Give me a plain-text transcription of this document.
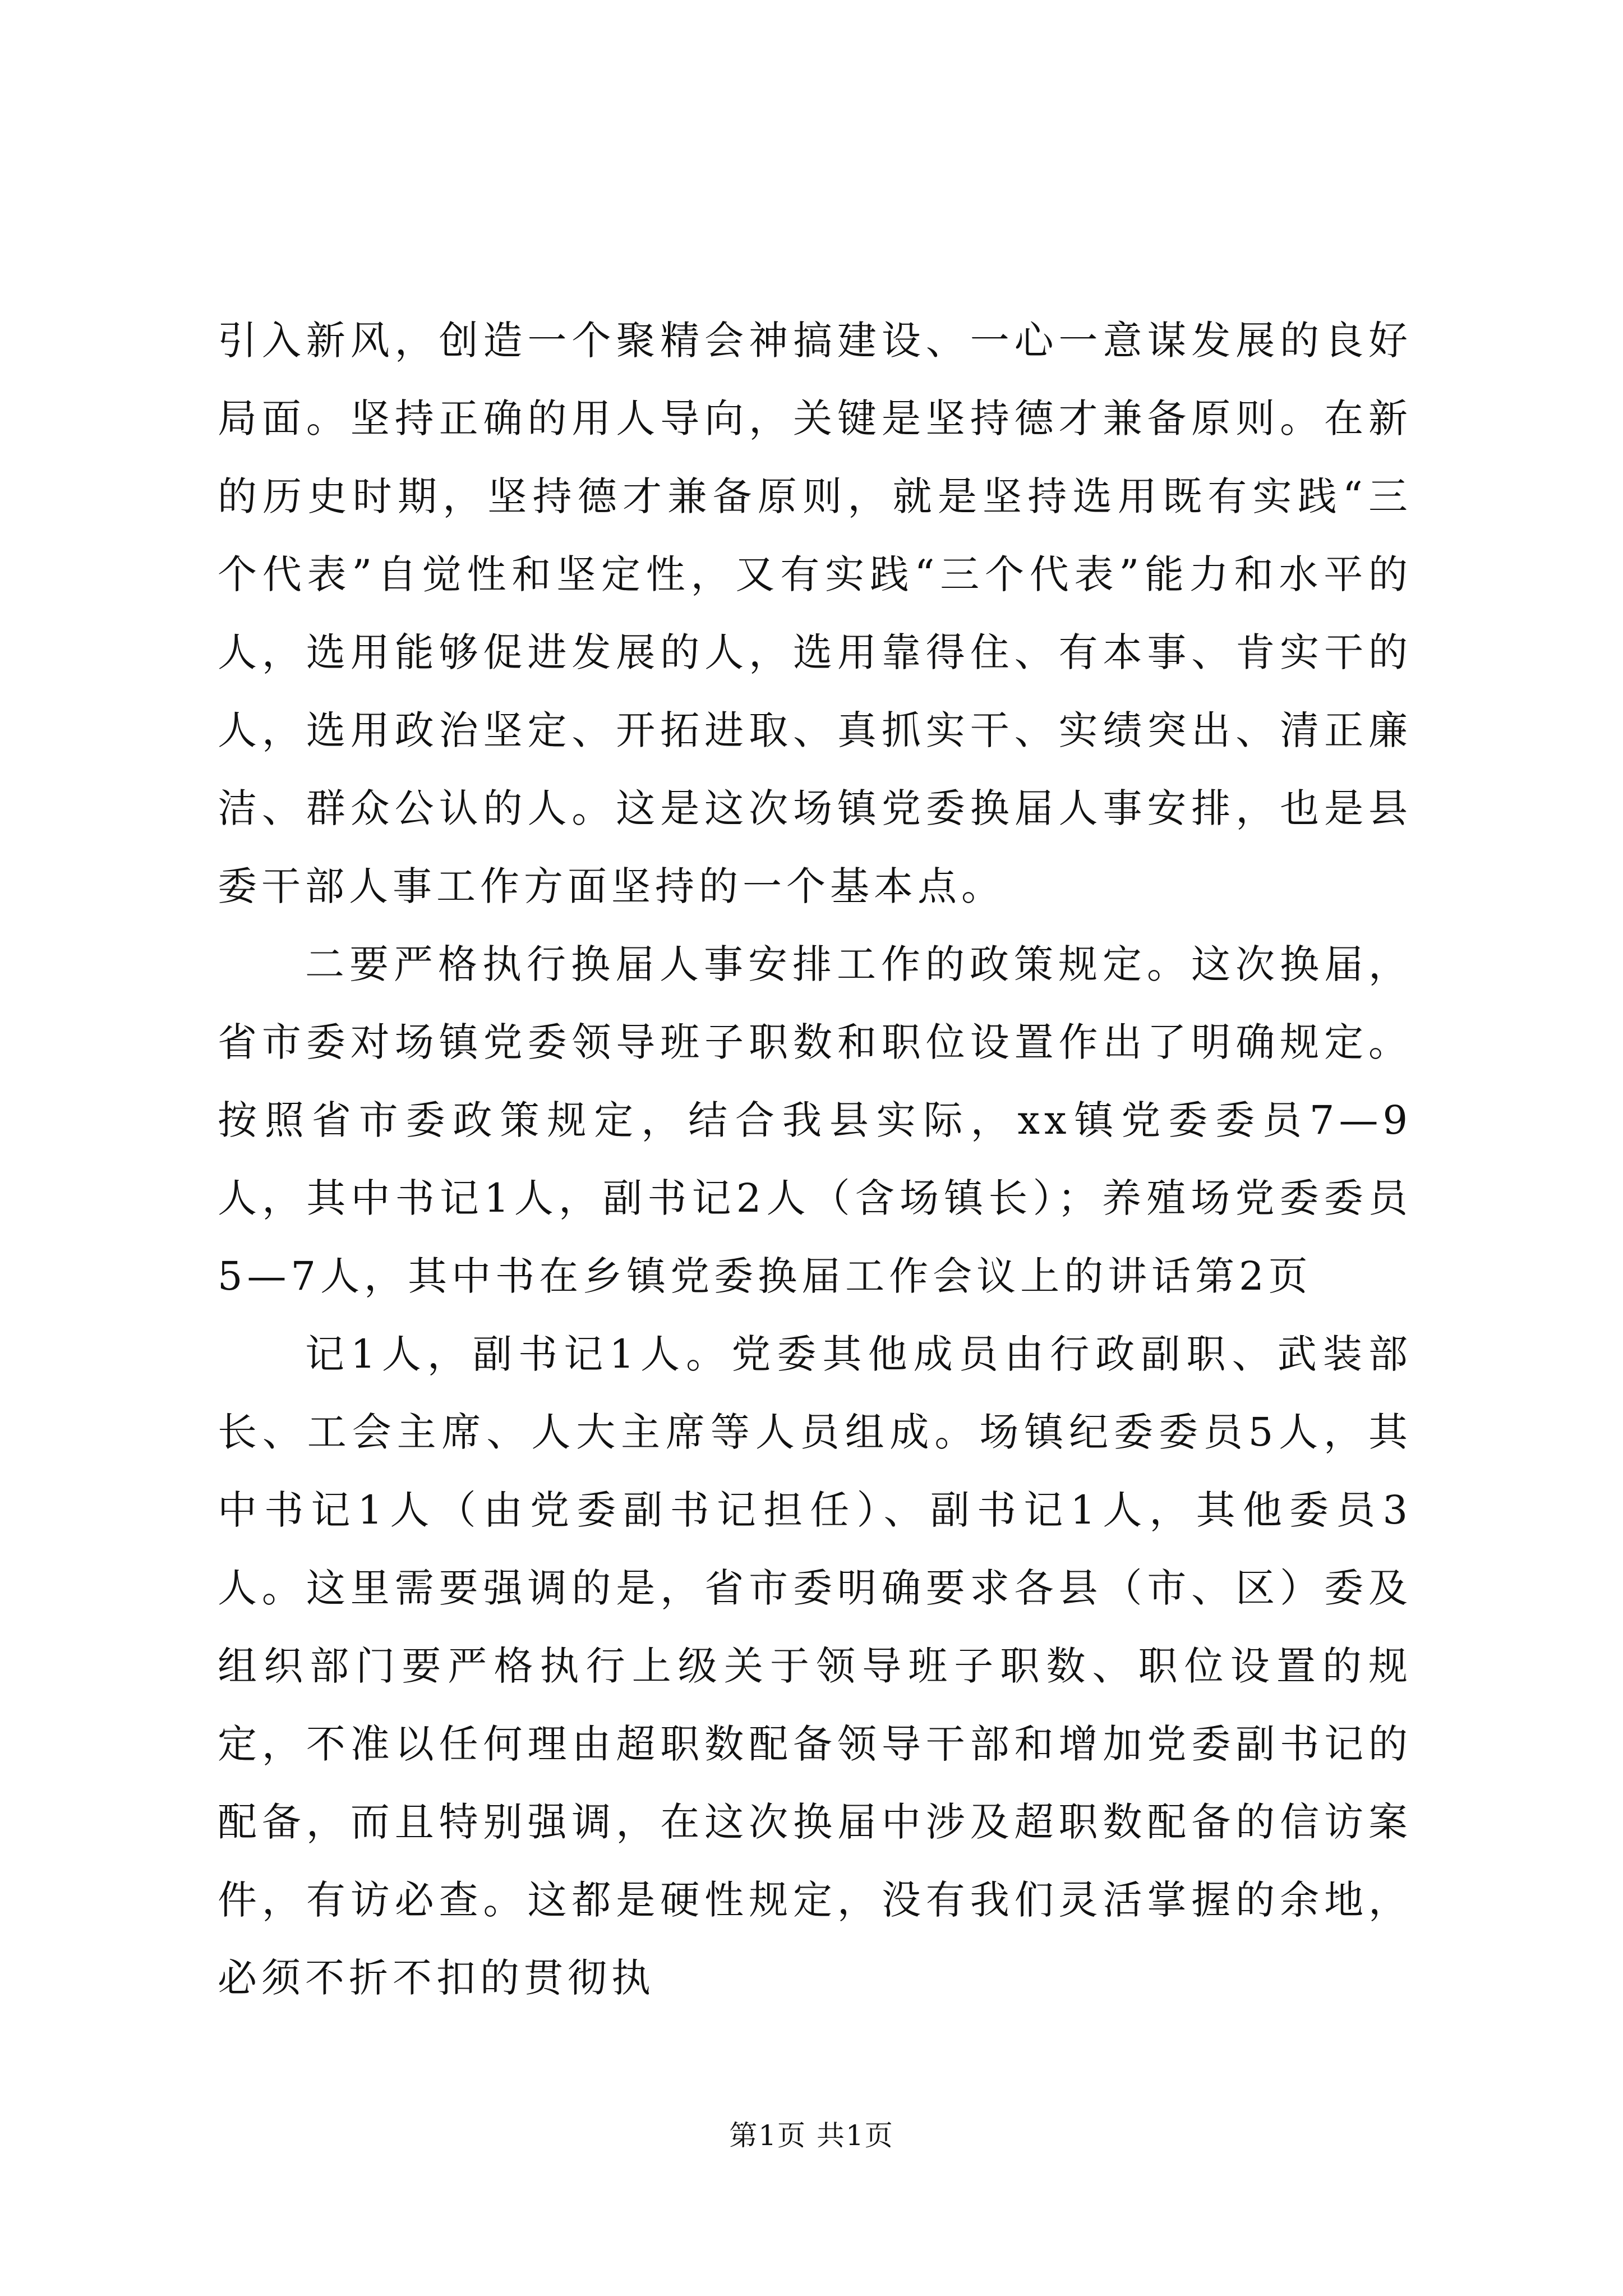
引入新风，创造一个聚精会神搞建设、一心一意谋发展的良好局面。坚持正确的用人导向，关键是坚持德才兼备原则。在新的历史时期，坚持德才兼备原则，就是坚持选用既有实践“三个代表”自觉性和坚定性，又有实践“三个代表”能力和水平的人，选用能够促进发展的人，选用靠得住、有本事、肯实干的人，选用政治坚定、开拓进取、真抓实干、实绩突出、清正廉洁、群众公认的人。这是这次场镇党委换届人事安排，也是县委干部人事工作方面坚持的一个基本点。

二要严格执行换届人事安排工作的政策规定。这次换届，省市委对场镇党委领导班子职数和职位设置作出了明确规定。按照省市委政策规定，结合我县实际，xx镇党委委员7—9人，其中书记1人，副书记2人（含场镇长）；养殖场党委委员5—7人，其中书在乡镇党委换届工作会议上的讲话第2页

记1人，副书记1人。党委其他成员由行政副职、武装部长、工会主席、人大主席等人员组成。场镇纪委委员5人，其中书记1人（由党委副书记担任）、副书记1人，其他委员3人。这里需要强调的是，省市委明确要求各县（市、区）委及组织部门要严格执行上级关于领导班子职数、职位设置的规定，不准以任何理由超职数配备领导干部和增加党委副书记的配备，而且特别强调，在这次换届中涉及超职数配备的信访案件，有访必查。这都是硬性规定，没有我们灵活掌握的余地，必须不折不扣的贯彻执

第1页 共1页
